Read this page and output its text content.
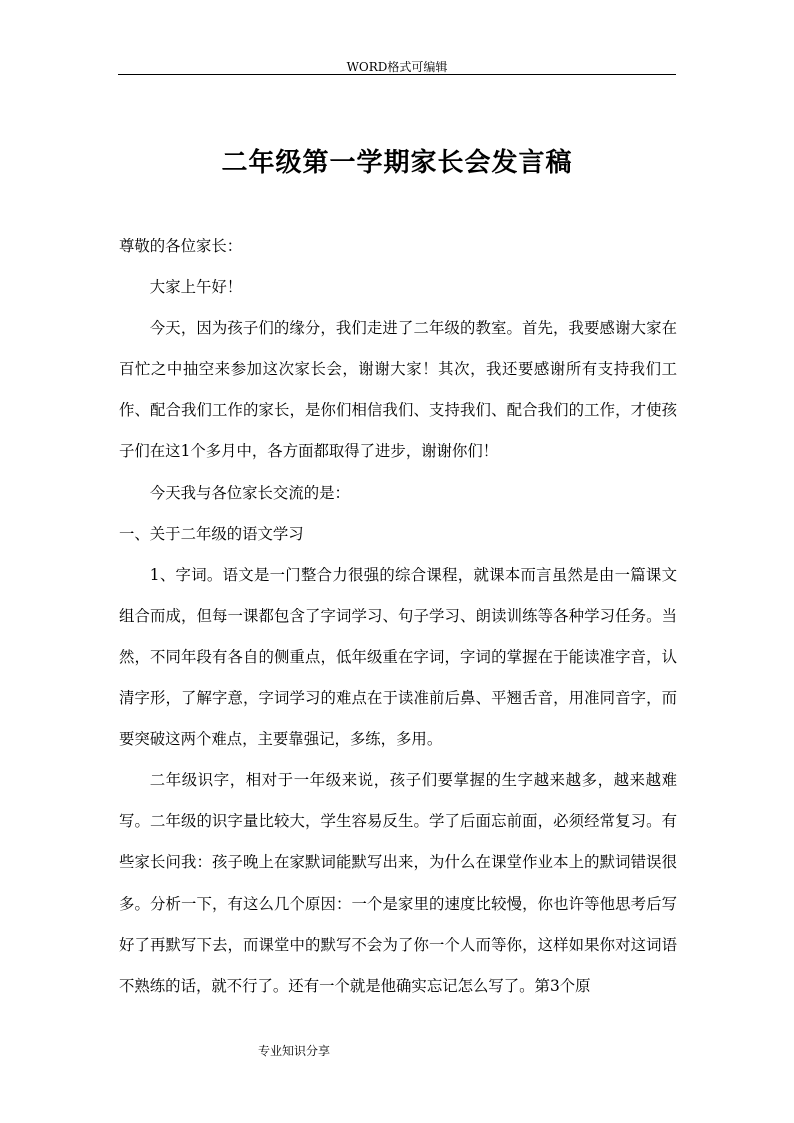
WORD格式可编辑
二年级第一学期家长会发言稿

尊敬的各位家长：

大家上午好！

今天，因为孩子们的缘分，我们走进了二年级的教室。首先，我要感谢大家在百忙之中抽空来参加这次家长会，谢谢大家！其次，我还要感谢所有支持我们工作、配合我们工作的家长，是你们相信我们、支持我们、配合我们的工作，才使孩子们在这1个多月中，各方面都取得了进步，谢谢你们！

今天我与各位家长交流的是：

一、关于二年级的语文学习

1、字词。语文是一门整合力很强的综合课程，就课本而言虽然是由一篇课文组合而成，但每一课都包含了字词学习、句子学习、朗读训练等各种学习任务。当然，不同年段有各自的侧重点，低年级重在字词，字词的掌握在于能读准字音，认清字形，了解字意，字词学习的难点在于读准前后鼻、平翘舌音，用准同音字，而要突破这两个难点，主要靠强记，多练，多用。

二年级识字，相对于一年级来说，孩子们要掌握的生字越来越多，越来越难写。二年级的识字量比较大，学生容易反生。学了后面忘前面，必须经常复习。有些家长问我：孩子晚上在家默词能默写出来，为什么在课堂作业本上的默词错误很多。分析一下，有这么几个原因：一个是家里的速度比较慢，你也许等他思考后写好了再默写下去，而课堂中的默写不会为了你一个人而等你，这样如果你对这词语不熟练的话，就不行了。还有一个就是他确实忘记怎么写了。第3个原

专业知识分享
